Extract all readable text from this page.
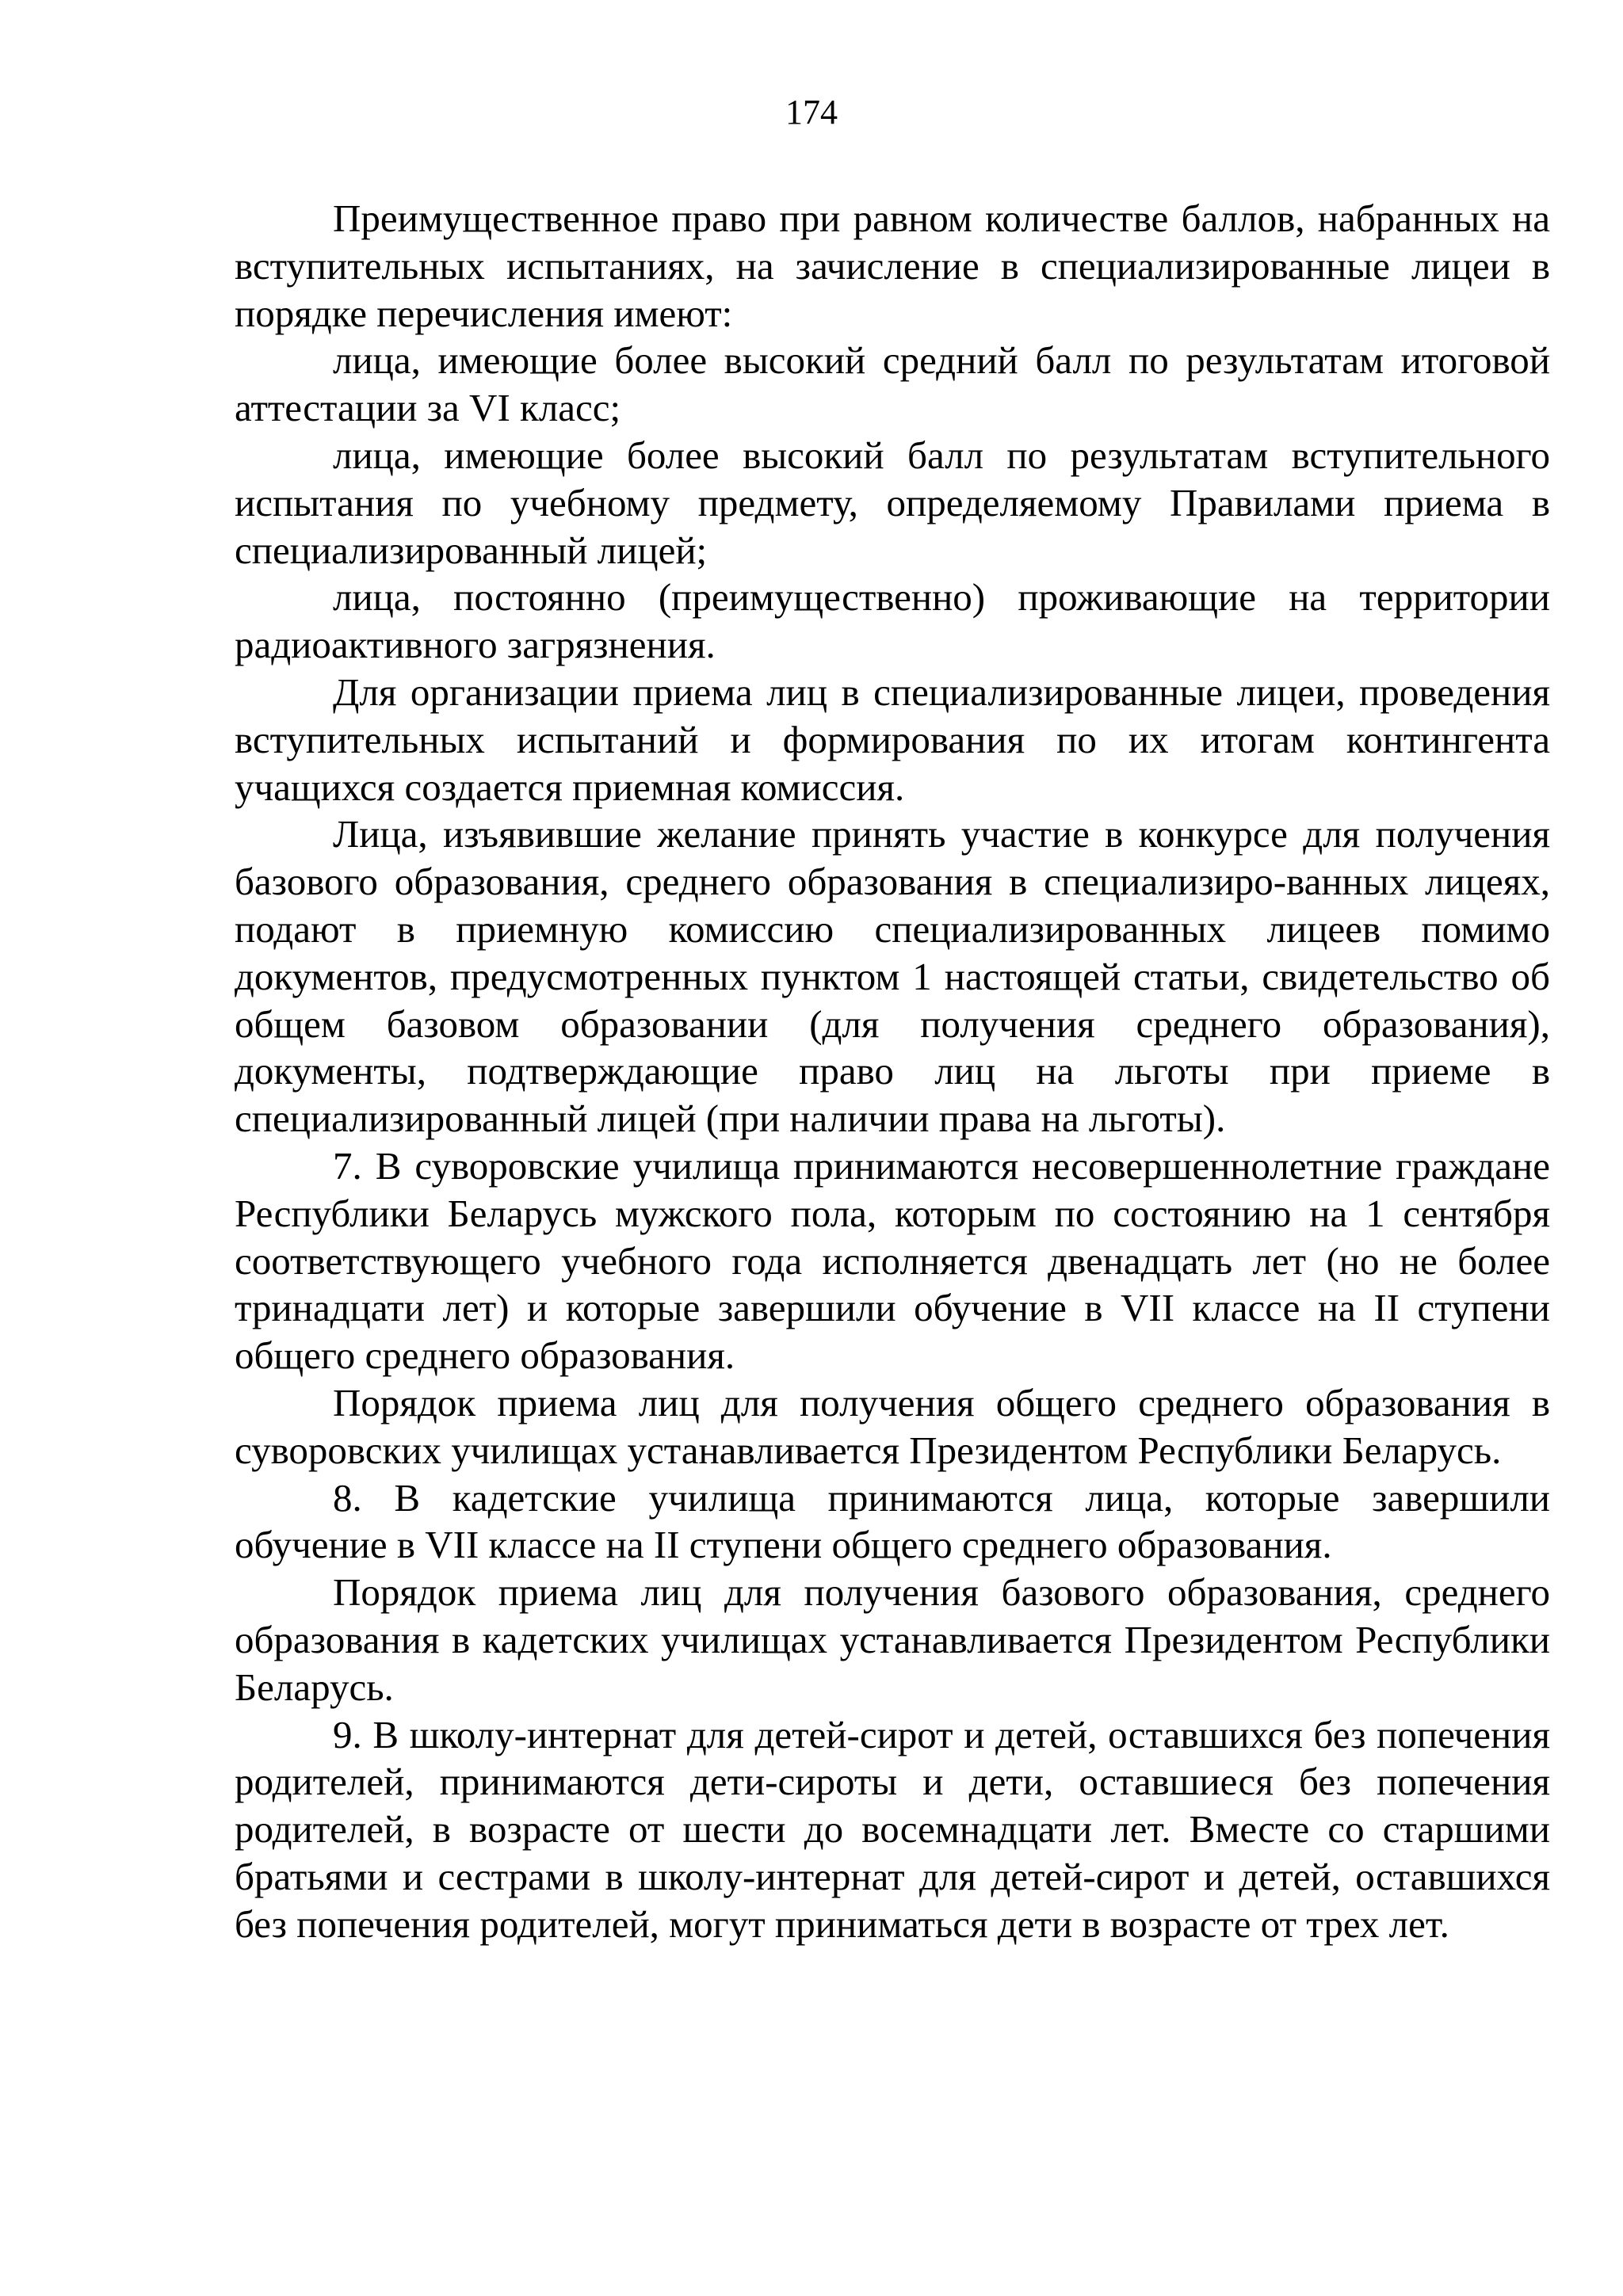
174

Преимущественное право при равном количестве баллов, набранных на вступительных испытаниях, на зачисление в специализированные лицеи в порядке перечисления имеют:

лица, имеющие более высокий средний балл по результатам итоговой аттестации за VI класс;

лица, имеющие более высокий балл по результатам вступительного испытания по учебному предмету, определяемому Правилами приема в специализированный лицей;

лица, постоянно (преимущественно) проживающие на территории радиоактивного загрязнения.

Для организации приема лиц в специализированные лицеи, проведения вступительных испытаний и формирования по их итогам контингента учащихся создается приемная комиссия.

Лица, изъявившие желание принять участие в конкурсе для получения базового образования, среднего образования в специализиро-ванных лицеях, подают в приемную комиссию специализированных лицеев помимо документов, предусмотренных пунктом 1 настоящей статьи, свидетельство об общем базовом образовании (для получения среднего образования), документы, подтверждающие право лиц на льготы при приеме в специализированный лицей (при наличии права на льготы).

7. В суворовские училища принимаются несовершеннолетние граждане Республики Беларусь мужского пола, которым по состоянию на 1 сентября соответствующего учебного года исполняется двенадцать лет (но не более тринадцати лет) и которые завершили обучение в VII классе на II ступени общего среднего образования.

Порядок приема лиц для получения общего среднего образования в суворовских училищах устанавливается Президентом Республики Беларусь.

8. В кадетские училища принимаются лица, которые завершили обучение в VII классе на II ступени общего среднего образования.

Порядок приема лиц для получения базового образования, среднего образования в кадетских училищах устанавливается Президентом Республики Беларусь.

9. В школу-интернат для детей-сирот и детей, оставшихся без попечения родителей, принимаются дети-сироты и дети, оставшиеся без попечения родителей, в возрасте от шести до восемнадцати лет. Вместе со старшими братьями и сестрами в школу-интернат для детей-сирот и детей, оставшихся без попечения родителей, могут приниматься дети в возрасте от трех лет.
